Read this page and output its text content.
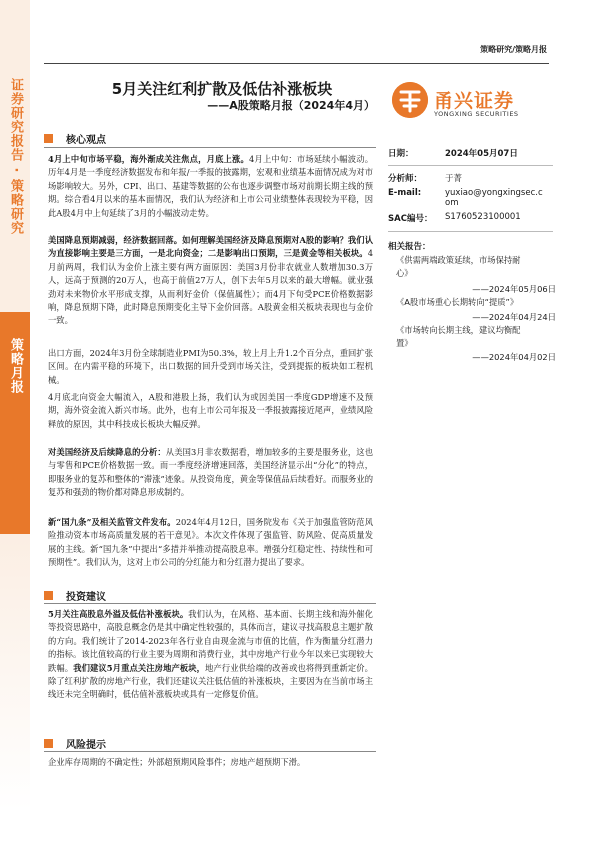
证券研究报告 · 策略研究
策略月报
策略研究/策略月报
5月关注红利扩散及低估补涨板块
——A股策略月报（2024年4月）	甬兴证券
YONGXING SECURITIES
核心观点
4月上中旬市场平稳，海外渐成关注焦点，月底上涨。4月上中旬：市场延续小幅波动。历年4月是一季度经济数据发布和年报/一季报的披露期，宏观和业绩基本面情况成为对市场影响较大。另外，CPI、出口、基建等数据的公布也逐步调整市场对前期长期主线的预期。综合看4月以来的基本面情况，我们认为经济和上市公司业绩整体表现较为平稳，因此A股4月中上旬延续了3月的小幅波动走势。
美国降息预期减弱，经济数据回落。如何理解美国经济及降息预期对A股的影响？我们认为直接影响主要是三方面，一是北向资金；二是影响出口预期，三是黄金等相关板块。4月前两周，我们认为金价上涨主要有两方面原因：美国3月份非农就业人数增加30.3万人，远高于预测的20万人，也高于前值27万人，创下去年5月以来的最大增幅。就业强劲对未来物价水平形成支撑，从而利好金价（保值属性）；而4月下旬受PCE价格数据影响，降息预期下降，此时降息预期变化主导下金价回落。A股黄金相关板块表现也与金价一致。
出口方面，2024年3月份全球制造业PMI为50.3%，较上月上升1.2个百分点，重回扩张区间。在内需平稳的环境下，出口数据的回升受到市场关注，受到提振的板块如工程机械。
4月底北向资金大幅流入，A股和港股上扬，我们认为或因美国一季度GDP增速不及预期，海外资金流入新兴市场。此外，也有上市公司年报及一季报披露接近尾声，业绩风险释放的原因，其中科技成长板块大幅反弹。
对美国经济及后续降息的分析：从美国3月非农数据看，增加较多的主要是服务业，这也与零售和PCE价格数据一致。而一季度经济增速回落，美国经济显示出“分化”的特点，即服务业的复苏和整体的“滞涨”迹象。从投资角度，黄金等保值品后续看好。而服务业的复苏和强劲的物价都对降息形成制约。
新“国九条”及相关监管文件发布。2024年4月12日，国务院发布《关于加强监管防范风险推动资本市场高质量发展的若干意见》。本次文件体现了强监管、防风险、促高质量发展的主线。新“国九条”中提出“多措并举推动提高股息率。增强分红稳定性、持续性和可预期性”。我们认为，这对上市公司的分红能力和分红潜力提出了要求。
投资建议
5月关注高股息外溢及低估补涨板块。我们认为，在风格、基本面、长期主线和海外催化等投资思路中，高股息概念仍是其中确定性较强的，具体而言，建议寻找高股息主题扩散的方向。我们统计了2014-2023年各行业自由现金流与市值的比值，作为衡量分红潜力的指标。该比值较高的行业主要为周期和消费行业，其中房地产行业今年以来已实现较大跌幅。我们建议5月重点关注房地产板块，地产行业供给端的改善或也将得到重新定价。除了红利扩散的房地产行业，我们还建议关注低估值的补涨板块，主要因为在当前市场主线还未完全明确时，低估值补涨板块或具有一定修复价值。
风险提示
企业库存周期的不确定性；外部超预期风险事件；房地产超预期下滑。
日期：	2024年05月07日
分析师：	于菁
E-mail:	yuxiao@yongxingsec.c
om
SAC编号： S1760523100001
相关报告：
《供需两端政策延续，市场保持耐
心》
——2024年05月06日
《A股市场重心长期转向“提质”》
——2024年04月24日
《市场转向长期主线，建议均衡配
置》
——2024年04月02日
